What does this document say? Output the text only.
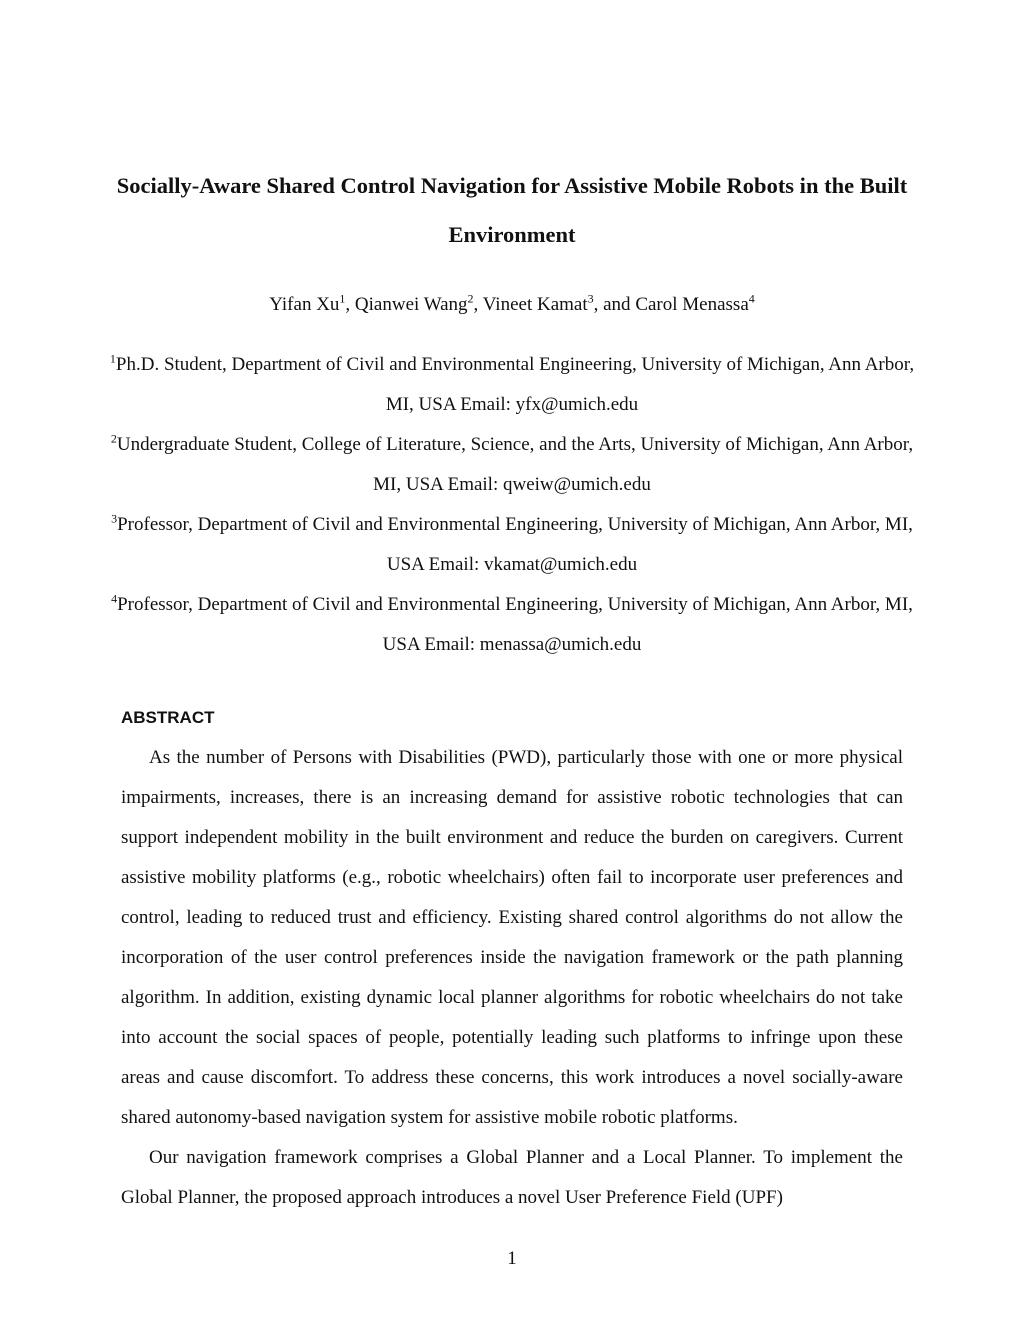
Socially-Aware Shared Control Navigation for Assistive Mobile Robots in the Built Environment

Yifan Xu$^1$, Qianwei Wang$^2$, Vineet Kamat$^3$, and Carol Menassa$^4$

$^1$Ph.D. Student, Department of Civil and Environmental Engineering, University of Michigan, Ann Arbor, MI, USA Email: yfx@umich.edu

$^2$Undergraduate Student, College of Literature, Science, and the Arts, University of Michigan, Ann Arbor, MI, USA Email: qweiw@umich.edu

$^3$Professor, Department of Civil and Environmental Engineering, University of Michigan, Ann Arbor, MI, USA Email: vkamat@umich.edu

$^4$Professor, Department of Civil and Environmental Engineering, University of Michigan, Ann Arbor, MI, USA Email: menassa@umich.edu

ABSTRACT

As the number of Persons with Disabilities (PWD), particularly those with one or more physical impairments, increases, there is an increasing demand for assistive robotic technologies that can support independent mobility in the built environment and reduce the burden on caregivers. Current assistive mobility platforms (e.g., robotic wheelchairs) often fail to incorporate user preferences and control, leading to reduced trust and efficiency. Existing shared control algorithms do not allow the incorporation of the user control preferences inside the navigation framework or the path planning algorithm. In addition, existing dynamic local planner algorithms for robotic wheelchairs do not take into account the social spaces of people, potentially leading such platforms to infringe upon these areas and cause discomfort. To address these concerns, this work introduces a novel socially-aware shared autonomy-based navigation system for assistive mobile robotic platforms.

Our navigation framework comprises a Global Planner and a Local Planner. To implement the Global Planner, the proposed approach introduces a novel User Preference Field (UPF)

1
